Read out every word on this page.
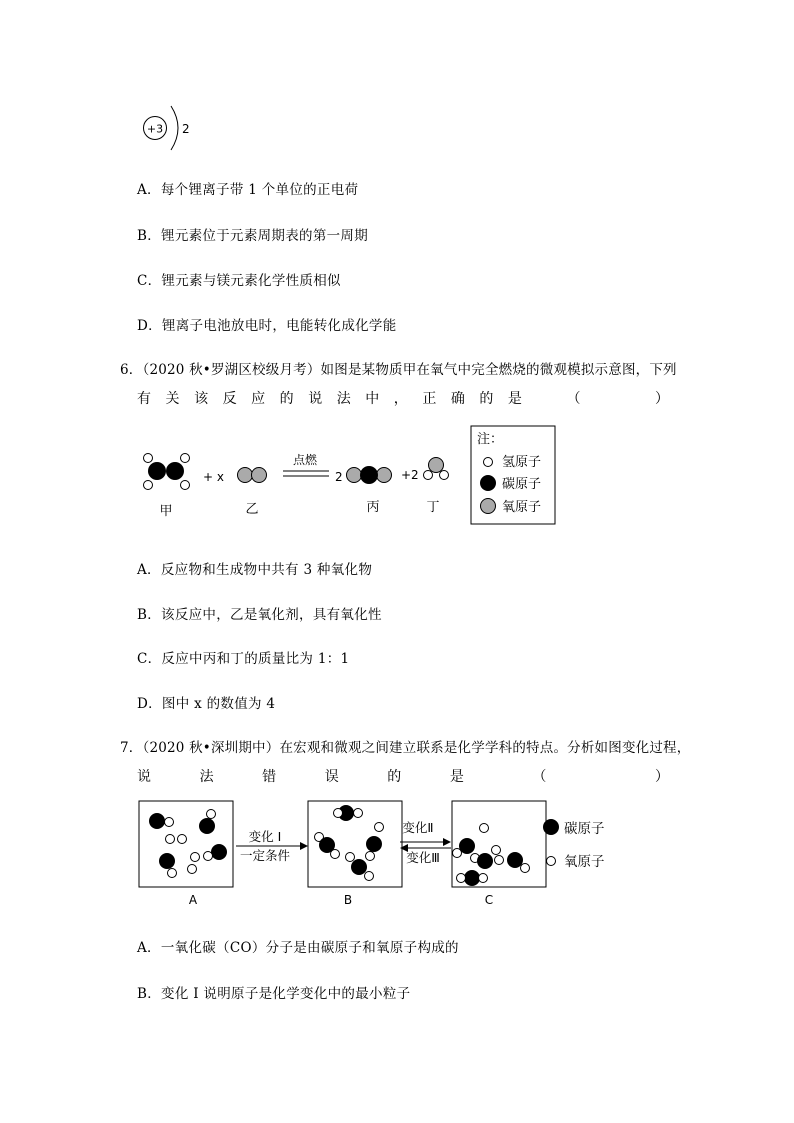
+3 2
A．每个锂离子带 1 个单位的正电荷
B．锂元素位于元素周期表的第一周期
C．锂元素与镁元素化学性质相似
D．锂离子电池放电时，电能转化成化学能
6．（2020 秋•罗湖区校级月考）如图是某物质甲在氧气中完全燃烧的微观模拟示意图，下列
有 关 该 反 应 的 说 法 中 ， 正 确 的 是	（	）
+ x
点燃
2	+2
甲	乙	丙	丁
注：
氢原子
碳原子
氧原子
A．反应物和生成物中共有 3 种氧化物
B．该反应中，乙是氧化剂，具有氧化性
C．反应中丙和丁的质量比为 1：1
D．图中 x 的数值为 4
7．（2020 秋•深圳期中）在宏观和微观之间建立联系是化学学科的特点。分析如图变化过程，
说	法	错	误	的	是	（	）
变化 I
一定条件
变化Ⅱ
变化Ⅲ
A	B	C
碳原子
氧原子
A．一氧化碳（CO）分子是由碳原子和氧原子构成的
B．变化 I 说明原子是化学变化中的最小粒子
